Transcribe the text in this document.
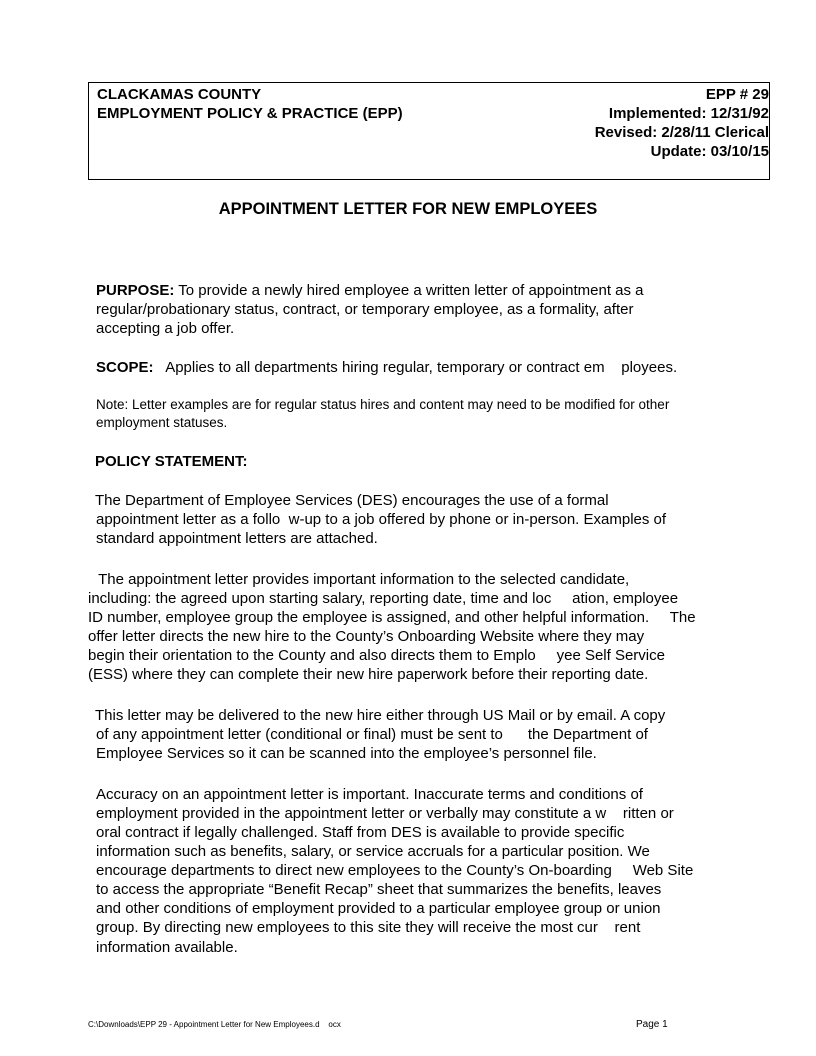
CLACKAMAS COUNTY
EMPLOYMENT POLICY & PRACTICE (EPP)
EPP # 29
Implemented: 12/31/92
Revised: 2/28/11 Clerical
Update: 03/10/15
APPOINTMENT LETTER FOR NEW EMPLOYEES
PURPOSE: To provide a newly hired employee a written letter of appointment as a
regular/probationary status, contract, or temporary employee, as a formality, after
accepting a job offer.
SCOPE: Applies to all departments hiring regular, temporary or contract em    ployees.
Note: Letter examples are for regular status hires and content may need to be modified for other
employment statuses.
POLICY STATEMENT:
The Department of Employee Services (DES) encourages the use of a formal
appointment letter as a follo  w-up to a job offered by phone or in-person. Examples of
standard appointment letters are attached.
The appointment letter provides important information to the selected candidate,
including: the agreed upon starting salary, reporting date, time and loc     ation, employee
ID number, employee group the employee is assigned, and other helpful information.     The
offer letter directs the new hire to the County’s Onboarding Website where they may
begin their orientation to the County and also directs them to Emplo     yee Self Service
(ESS) where they can complete their new hire paperwork before their reporting date.
This letter may be delivered to the new hire either through US Mail or by email. A copy
of any appointment letter (conditional or final) must be sent to      the Department of
Employee Services so it can be scanned into the employee’s personnel file.
Accuracy on an appointment letter is important. Inaccurate terms and conditions of
employment provided in the appointment letter or verbally may constitute a w    ritten or
oral contract if legally challenged. Staff from DES is available to provide specific
information such as benefits, salary, or service accruals for a particular position. We
encourage departments to direct new employees to the County’s On-boarding     Web Site
to access the appropriate “Benefit Recap” sheet that summarizes the benefits, leaves
and other conditions of employment provided to a particular employee group or union
group. By directing new employees to this site they will receive the most cur    rent
information available.
C:\Downloads\EPP 29 - Appointment Letter for New Employees.d    ocx	Page 1
